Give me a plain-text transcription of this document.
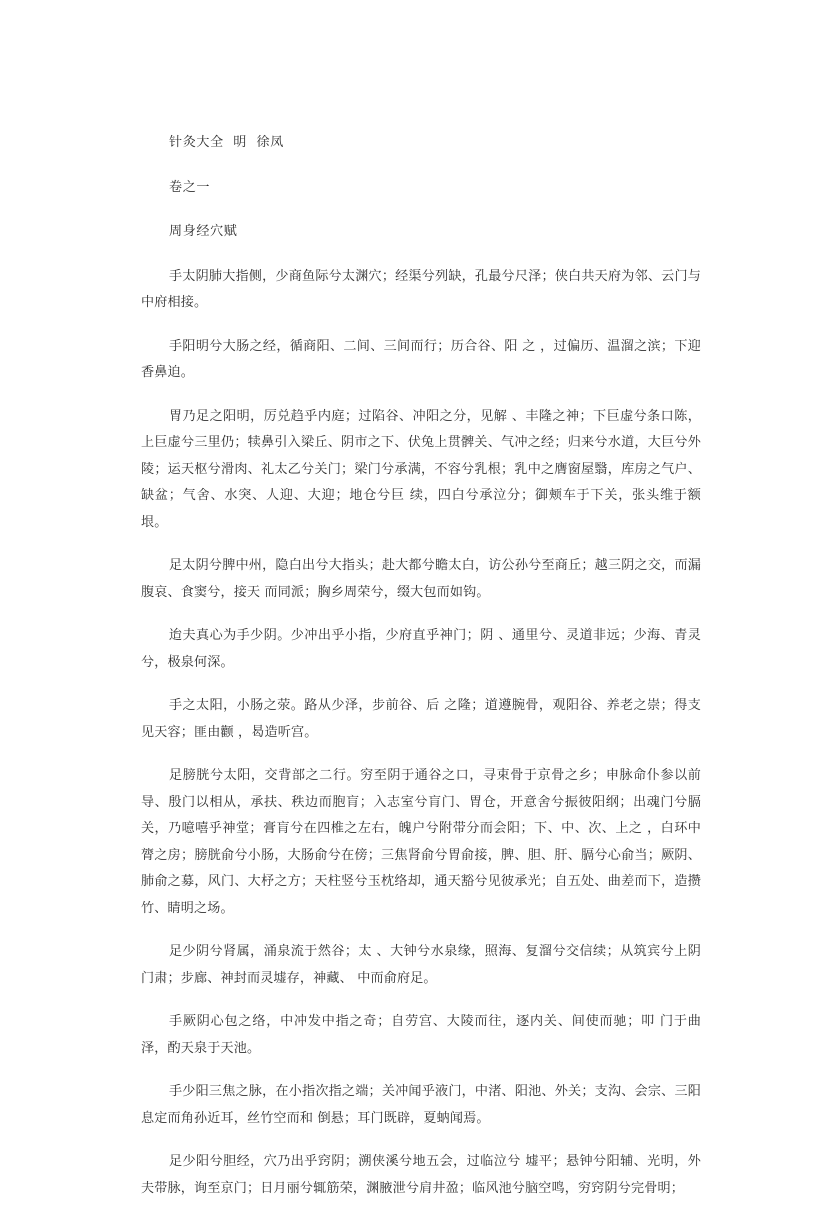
针灸大全  明  徐凤

卷之一

周身经穴赋

手太阴肺大指侧，少商鱼际兮太渊穴；经渠兮列缺，孔最兮尺泽；侠白共天府为邻、云门与中府相接。

手阳明兮大肠之经，循商阳、二间、三间而行；历合谷、阳 之 ，过偏历、温溜之滨；下迎香鼻迫。

胃乃足之阳明，厉兑趋乎内庭；过陷谷、冲阳之分，见解 、丰隆之神；下巨虚兮条口陈，上巨虚兮三里仍；犊鼻引入梁丘、阴市之下、伏兔上贯髀关、气冲之经；归来兮水道，大巨兮外陵；运天枢兮滑肉、礼太乙兮关门；梁门兮承满，不容兮乳根；乳中之膺窗屋翳，库房之气户、缺盆；气舍、水突、人迎、大迎；地仓兮巨 续，四白兮承泣分；御颊车于下关，张头维于额垠。

足太阴兮脾中州，隐白出兮大指头；赴大都兮瞻太白，访公孙兮至商丘；越三阴之交，而漏腹哀、食窦兮，接天 而同派；胸乡周荣兮，缀大包而如钩。

迨夫真心为手少阴。少冲出乎小指，少府直乎神门；阴 、通里兮、灵道非远；少海、青灵兮，极泉何深。

手之太阳，小肠之荥。路从少泽，步前谷、后 之隆；道遵腕骨，观阳谷、养老之崇；得支见天容；匪由颧 ，曷造听宫。

足膀胱兮太阳，交背部之二行。穷至阴于通谷之口，寻束骨于京骨之乡；申脉命仆参以前导、殷门以相从，承扶、秩边而胞肓；入志室兮肓门、胃仓，开意舍兮振彼阳纲；出魂门兮膈关，乃噫嘻乎神堂；膏肓兮在四椎之左右，魄户兮附带分而会阳；下、中、次、上之 ，白环中膂之房；膀胱俞兮小肠，大肠俞兮在傍；三焦肾俞兮胃俞接，脾、胆、肝、膈兮心俞当；厥阴、肺俞之募，风门、大杼之方；天柱竖兮玉枕络却，通天豁兮见彼承光；自五处、曲差而下，造攒竹、睛明之场。

足少阴兮肾属，涌泉流于然谷；太 、大钟兮水泉缘，照海、复溜兮交信续；从筑宾兮上阴门肃；步廊、神封而灵墟存，神藏、 中而俞府足。

手厥阴心包之络，中冲发中指之奇；自劳宫、大陵而往，逐内关、间使而驰；叩 门于曲泽，酌天泉于天池。

手少阳三焦之脉，在小指次指之端；关冲闻乎液门，中渚、阳池、外关；支沟、会宗、三阳息定而角孙近耳，丝竹空而和 倒悬；耳门既辟，夏蚋闻焉。

足少阳兮胆经，穴乃出乎窍阴；溯侠溪兮地五会，过临泣兮 墟平；悬钟兮阳辅、光明，外夫带脉，询至京门；日月丽兮辄筋荣，渊腋泄兮肩井盈；临风池兮脑空鸣，穷窍阴兮完骨明；
